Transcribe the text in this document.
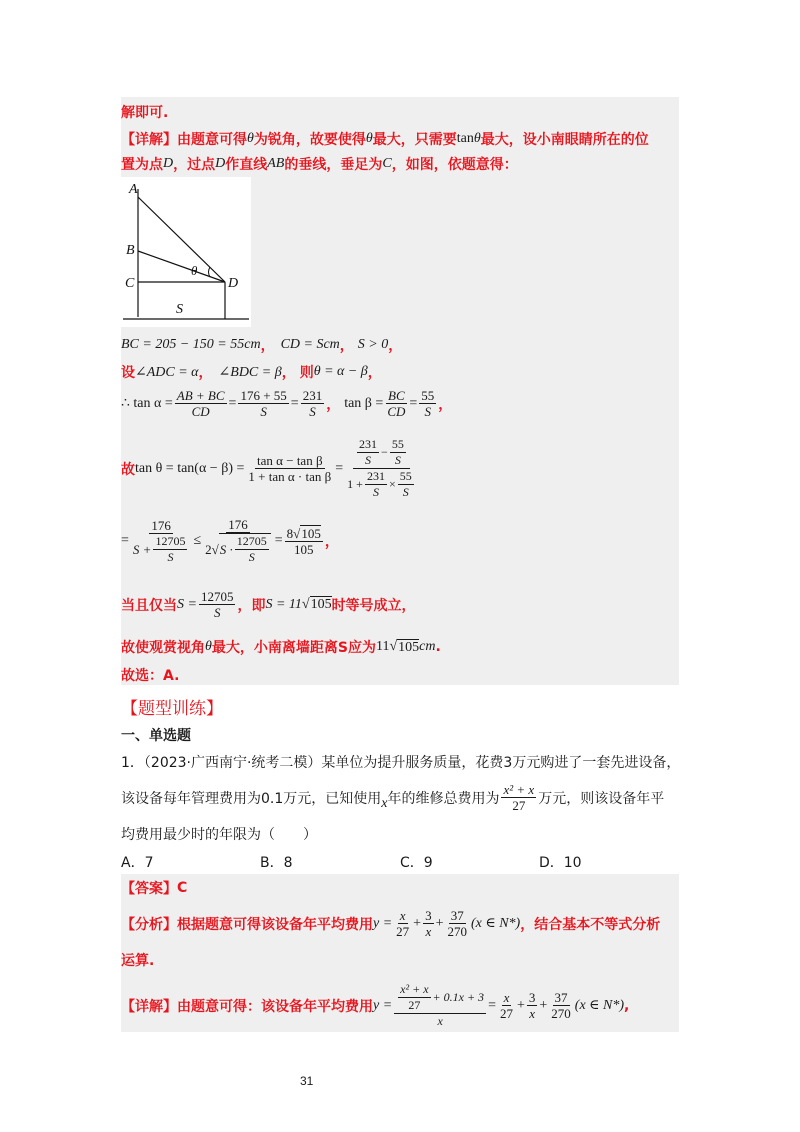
解即可.
【详解】 由题意可得 θ 为锐角，故要使得 θ 最大，只需要 tanθ 最大，设小南眼睛所在的位
置为点 D ，过点 D 作直线 AB 的垂线，垂足为 C ，如图，依题意得：
A
B
C	D
S
θ
BC = 205 − 150 = 55cm ， CD = Scm ， S > 0 ，
设 ∠ADC = α ， ∠BDC = β ， 则 θ = α − β ，
∴ $\tan \alpha = \frac{AB + BC}{CD} = \frac{176 + 55}{S} = \frac{231}{S}$ ， $\tan \beta = \frac{BC}{CD} = \frac{55}{S}$ ，
故 $\tan \theta = \tan(\alpha - \beta) = \frac{\text{tan α − tan β}}{\text{1 + tan α · tan β}} = \frac{\frac{231}{S} - \frac{55}{S}}{1 + \frac{231}{S} \times \frac{55}{S}}$
= $\frac{176}{S + \frac{12705}{S}} \le \frac{176}{2 √ S \cdot \frac{12705}{S}} = \frac{8√105}{105}$ ，
当且仅当 $S = \frac{12705}{S}$ ，即 S = 11 √ 105 时等号成立，
故使观赏视角 θ 最大，小南离墙距离S应为 11 √ 105 cm .
故选：A.
【题型训练】
一、单选题
1．（2023·广西南宁·统考二模）某单位为提升服务质量，花费3万元购进了一套先进设备，
该设备每年管理费用为0.1万元，已知使用 x 年的维修总费用为 $\frac{\text{x² + x}}{27}$ 万元，则该设备年平
均费用最少时的年限为（　　）
A．7	B．8	C．9	D．10
【答案】 C
【分析】 根据题意可得该设备年平均费用 $y = \frac{x}{27} + \frac{3}{x} + \frac{37}{270} (x$ ∈ N*) ，结合基本不等式分析
运算.
【详解】 由题意可得：该设备年平均费用 $y = \frac{\frac{\text{x² + x}}{27} + 0.1x + 3}{x} = \frac{x}{27} + \frac{3}{x} + \frac{37}{270} (x$ ∈ N*) ,
31
